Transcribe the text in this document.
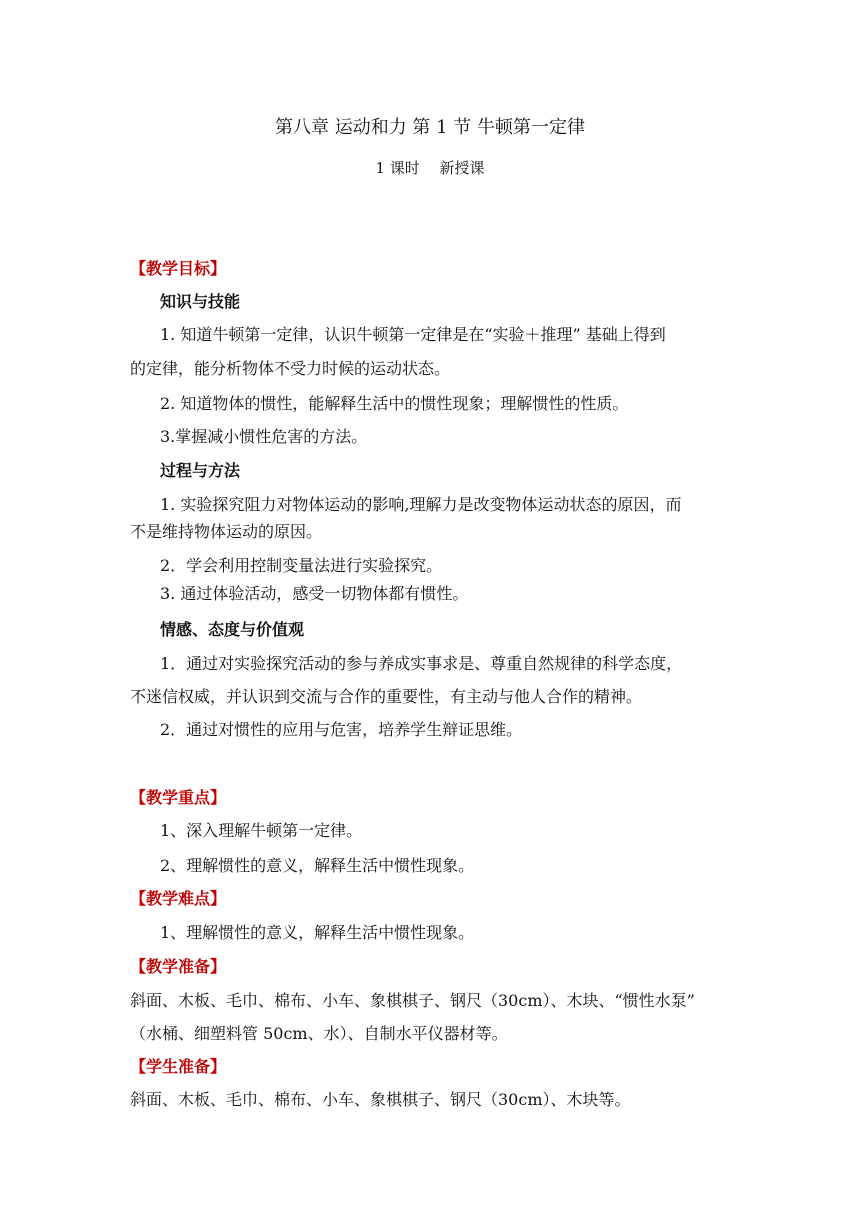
第八章 运动和力 第 1 节 牛顿第一定律
1 课时　 新授课
【教学目标】
知识与技能
1. 知道牛顿第一定律，认识牛顿第一定律是在“实验＋推理” 基础上得到
的定律，能分析物体不受力时候的运动状态。
2. 知道物体的惯性，能解释生活中的惯性现象；理解惯性的性质。
3.掌握减小惯性危害的方法。
过程与方法
1. 实验探究阻力对物体运动的影响,理解力是改变物体运动状态的原因，而
不是维持物体运动的原因。
2．学会利用控制变量法进行实验探究。
3. 通过体验活动，感受一切物体都有惯性。
情感、态度与价值观
1．通过对实验探究活动的参与养成实事求是、尊重自然规律的科学态度，
不迷信权威，并认识到交流与合作的重要性，有主动与他人合作的精神。
2．通过对惯性的应用与危害，培养学生辩证思维。
【教学重点】
1、深入理解牛顿第一定律。
2、理解惯性的意义，解释生活中惯性现象。
【教学难点】
1、理解惯性的意义，解释生活中惯性现象。
【教学准备】
斜面、木板、毛巾、棉布、小车、象棋棋子、钢尺（30cm）、木块、“惯性水泵”
（水桶、细塑料管 50cm、水）、自制水平仪器材等。
【学生准备】
斜面、木板、毛巾、棉布、小车、象棋棋子、钢尺（30cm）、木块等。
